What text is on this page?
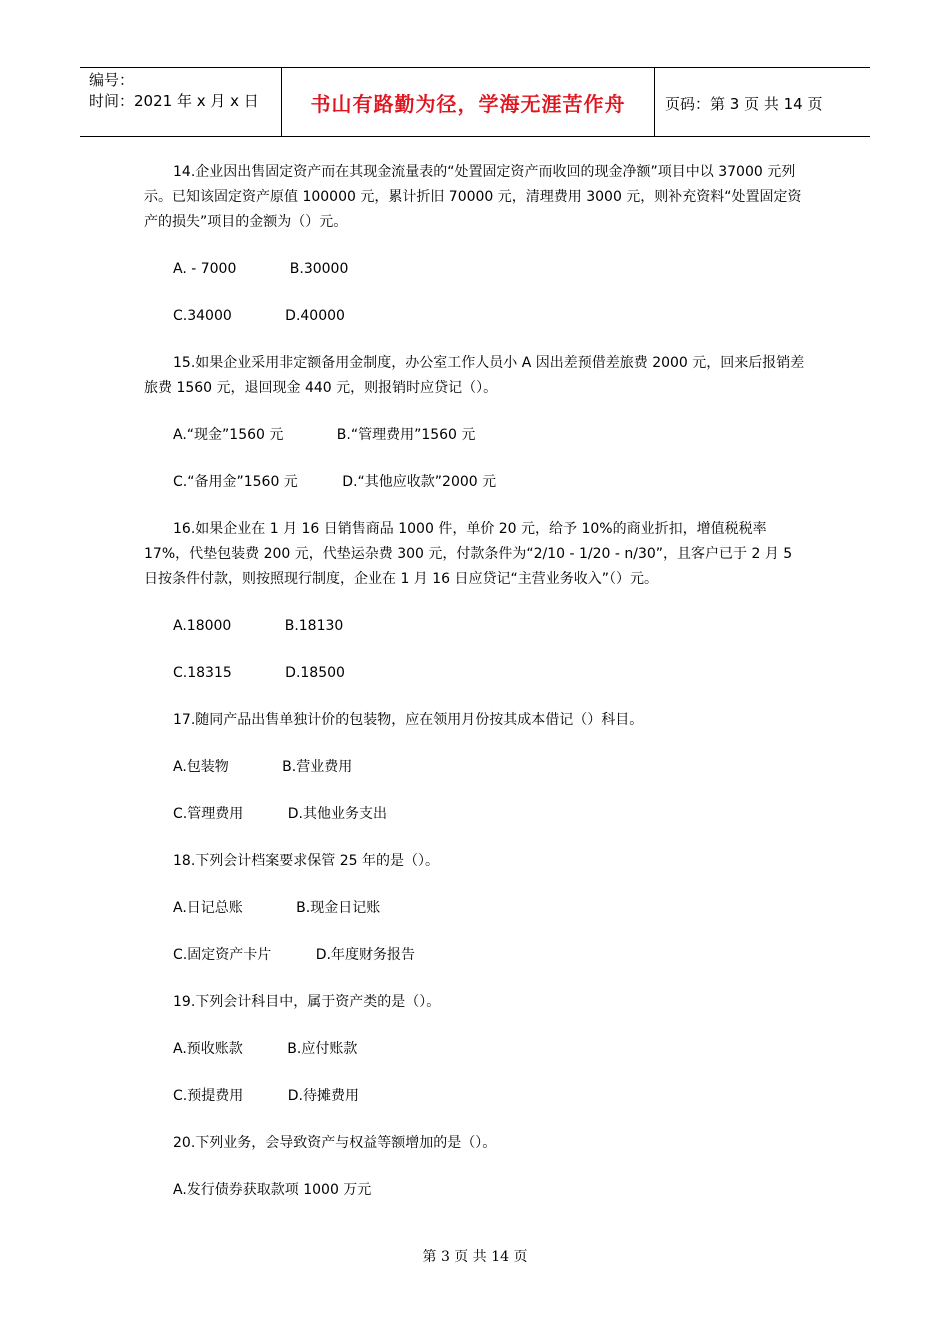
编号：
时间：2021 年 x 月 x 日	书山有路勤为径，学海无涯苦作舟	页码：第 3 页 共 14 页

14.企业因出售固定资产而在其现金流量表的“处置固定资产而收回的现金净额”项目中以 37000 元列示。已知该固定资产原值 100000 元，累计折旧 70000 元，清理费用 3000 元，则补充资料“处置固定资产的损失”项目的金额为（）元。

A. - 7000            B.30000
C.34000            D.40000

15.如果企业采用非定额备用金制度，办公室工作人员小 A 因出差预借差旅费 2000 元，回来后报销差旅费 1560 元，退回现金 440 元，则报销时应贷记（）。

A.“现金”1560 元            B.“管理费用”1560 元
C.“备用金”1560 元          D.“其他应收款”2000 元

16.如果企业在 1 月 16 日销售商品 1000 件，单价 20 元，给予 10%的商业折扣，增值税税率 17%，代垫包装费 200 元，代垫运杂费 300 元，付款条件为“2/10 - 1/20 - n/30”，且客户已于 2 月 5 日按条件付款，则按照现行制度，企业在 1 月 16 日应贷记“主营业务收入”（）元。

A.18000            B.18130
C.18315            D.18500

17.随同产品出售单独计价的包装物，应在领用月份按其成本借记（）科目。

A.包装物            B.营业费用
C.管理费用          D.其他业务支出

18.下列会计档案要求保管 25 年的是（）。

A.日记总账            B.现金日记账
C.固定资产卡片          D.年度财务报告

19.下列会计科目中，属于资产类的是（）。

A.预收账款          B.应付账款
C.预提费用          D.待摊费用

20.下列业务，会导致资产与权益等额增加的是（）。

A.发行债券获取款项 1000 万元
第 3 页 共 14 页
